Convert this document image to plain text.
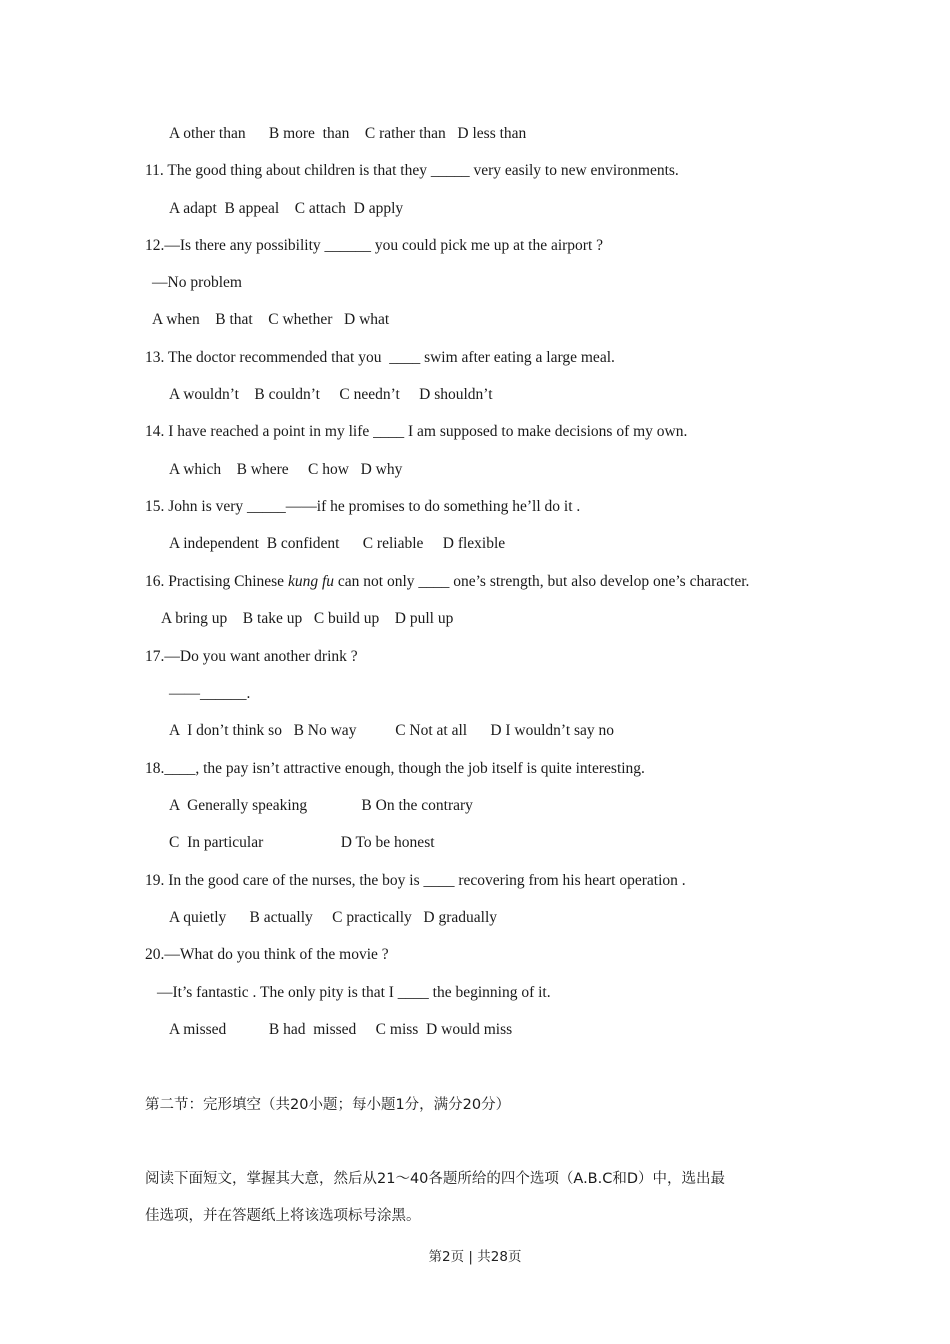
A other than      B more  than    C rather than   D less than
11. The good thing about children is that they _____ very easily to new environments.
A adapt  B appeal    C attach  D apply
12.—Is there any possibility ______ you could pick me up at the airport ?
—No problem
A when    B that    C whether   D what
13. The doctor recommended that you  ____ swim after eating a large meal.
A wouldn’t    B couldn’t     C needn’t     D shouldn’t
14. I have reached a point in my life ____ I am supposed to make decisions of my own.
A which    B where     C how   D why
15. John is very _____——if he promises to do something he’ll do it .
A independent  B confident      C reliable     D flexible
16. Practising Chinese kung fu can not only ____ one’s strength, but also develop one’s character.
A bring up    B take up   C build up    D pull up
17.—Do you want another drink ?
——______.
A  I don’t think so   B No way          C Not at all      D I wouldn’t say no
18.____, the pay isn’t attractive enough, though the job itself is quite interesting.
A  Generally speaking              B On the contrary
C  In particular                    D To be honest
19. In the good care of the nurses, the boy is ____ recovering from his heart operation .
A quietly      B actually     C practically   D gradually
20.—What do you think of the movie ?
—It’s fantastic . The only pity is that I ____ the beginning of it.
A missed           B had  missed     C miss  D would miss
第二节：完形填空（共20小题；每小题1分，满分20分）
阅读下面短文，掌握其大意，然后从21～40各题所给的四个选项（A.B.C和D）中，选出最
佳选项，并在答题纸上将该选项标号涂黑。
第2页 | 共28页
